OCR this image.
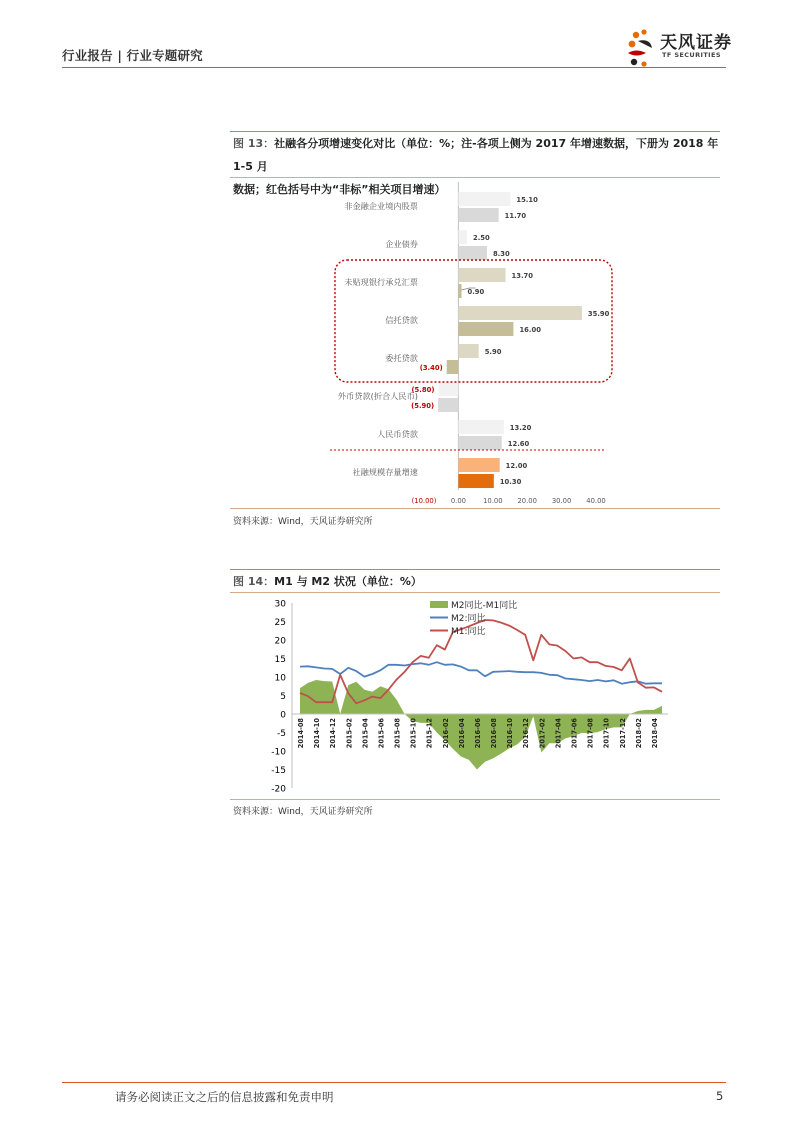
行业报告 | 行业专题研究
天风证券
TF SECURITIES
图 13：社融各分项增速变化对比（单位：%；注-各项上侧为 2017 年增速数据，下册为 2018 年 1-5 月
数据；红色括号中为“非标”相关项目增速）
非金融企业境内股票
15.10
11.70
企业债券
2.50
8.30
未贴现银行承兑汇票
13.70
0.90
信托贷款
35.90
16.00
委托贷款
5.90
(3.40)
外币贷款(折合人民币)
(5.80)
(5.90)
人民币贷款
13.20
12.60
社融规模存量增速
12.00
10.30
(10.00) 0.00	10.00 20.00 30.00 40.00
资料来源：Wind，天风证券研究所
图 14：M1 与 M2 状况（单位：%）
30
25
20
15
10
5
0
-5
-10
-15
-20
2014-08 2014-10 2014-12 2015-02 2015-04 2015-06 2015-08 2015-10 2015-12 2016-02 2016-04 2016-06 2016-08 2016-10 2016-12 2017-02 2017-04 2017-06 2017-08 2017-10 2017-12 2018-02 2018-04
M2同比-M1同比
M2:同比
M1:同比
资料来源：Wind，天风证券研究所
请务必阅读正文之后的信息披露和免责申明	5
